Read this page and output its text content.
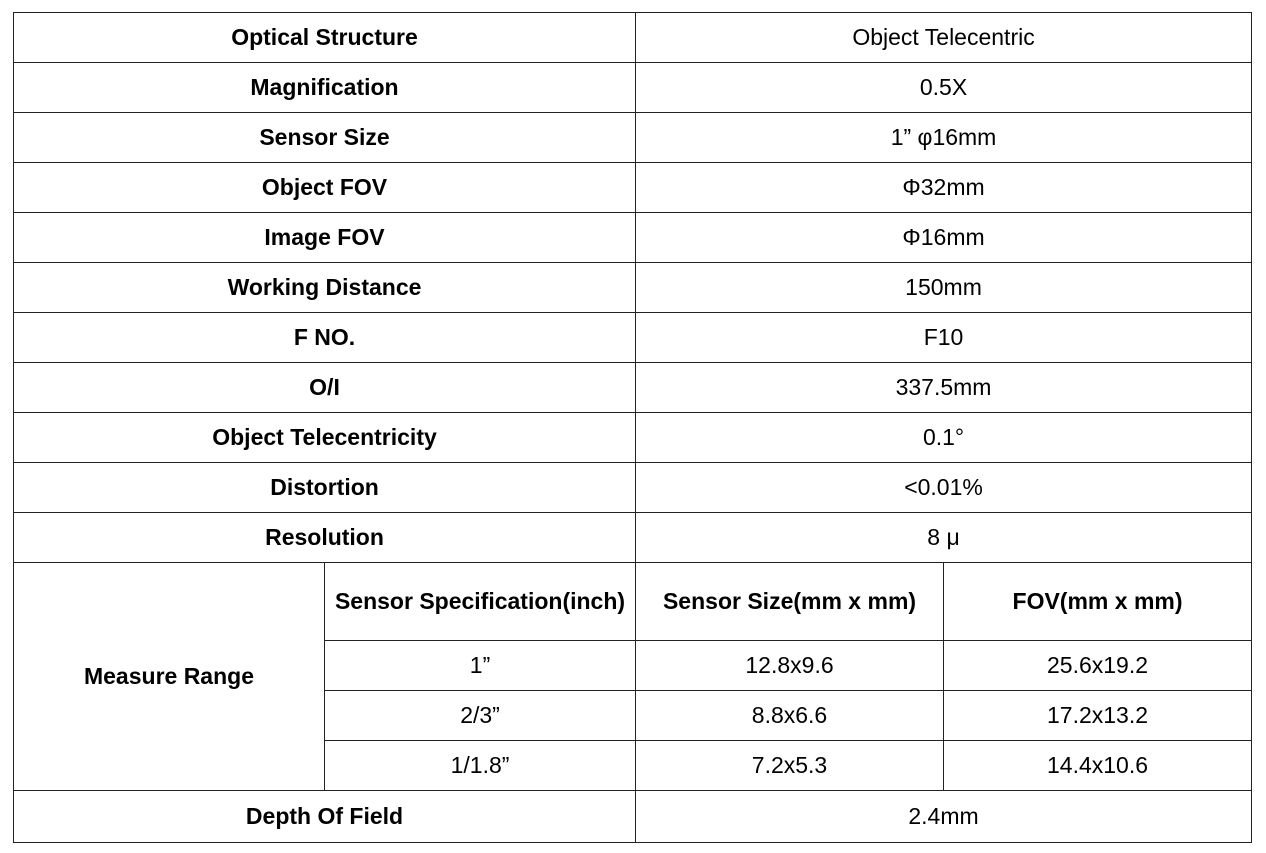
Optical Structure		Object Telecentric	
Magnification		0.5X	
Sensor Size		1” φ16mm	
Object FOV		Φ32mm	
Image FOV		Φ16mm	
Working Distance		150mm	
F NO.		F10	
O/I		337.5mm	
Object Telecentricity		0.1°	
Distortion		<0.01%	
Resolution		8 μ	
Measure Range	Sensor Specification(inch)	Sensor Size(mm x mm)	FOV(mm x mm)
	1”	12.8x9.6	25.6x19.2
	2/3”	8.8x6.6	17.2x13.2
	1/1.8”	7.2x5.3	14.4x10.6
Depth Of Field		2.4mm	
